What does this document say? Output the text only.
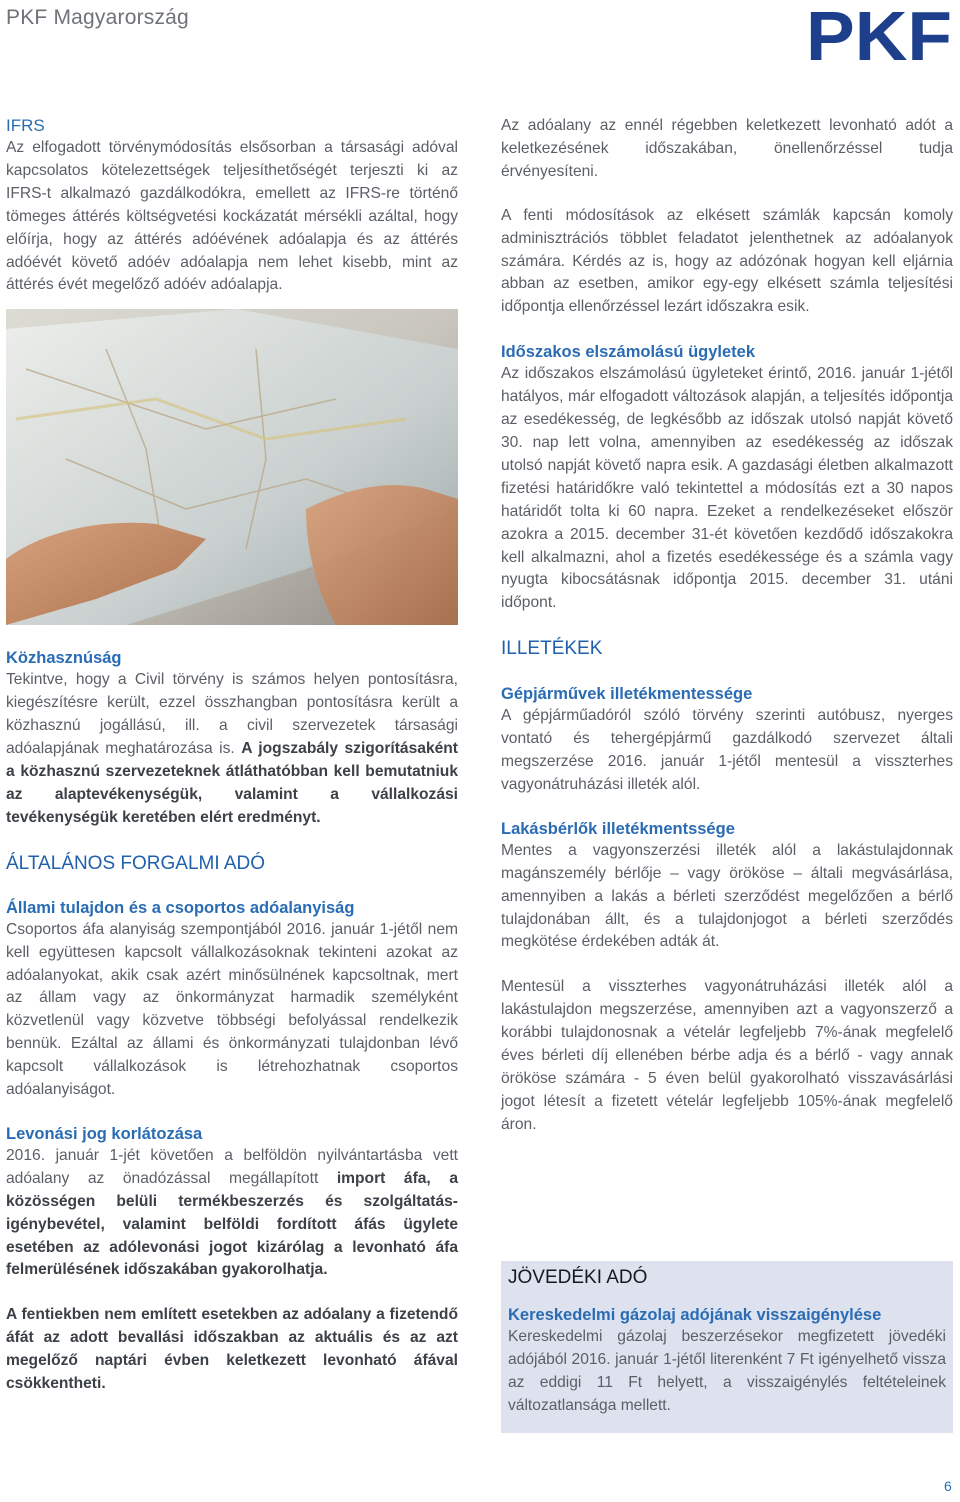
PKF Magyarország	PKF
IFRS

Az elfogadott törvénymódosítás elsősorban a társasági adóval kapcsolatos kötelezettségek teljesíthetőségét terjeszti ki az IFRS-t alkalmazó gazdálkodókra, emellett az IFRS-re történő tömeges áttérés költségvetési kockázatát mérsékli azáltal, hogy előírja, hogy az áttérés adóévének adóalapja és az áttérés adóévét követő adóév adóalapja nem lehet kisebb, mint az áttérés évét megelőző adóév adóalapja.

Közhasznúság

Tekintve, hogy a Civil törvény is számos helyen pontosításra, kiegészítésre került, ezzel összhangban pontosításra került a közhasznú jogállású, ill. a civil szervezetek társasági adóalapjának meghatározása is. A jogszabály szigorításaként a közhasznú szervezeteknek átláthatóbban kell bemutatniuk az alaptevékenységük, valamint a vállalkozási tevékenységük keretében elért eredményt.

ÁLTALÁNOS FORGALMI ADÓ
Állami tulajdon és a csoportos adóalanyiság

Csoportos áfa alanyiság szempontjából 2016. január 1-jétől nem kell együttesen kapcsolt vállalkozásoknak tekinteni azokat az adóalanyokat, akik csak azért minősülnének kapcsoltnak, mert az állam vagy az önkormányzat harmadik személyként közvetlenül vagy közvetve többségi befolyással rendelkezik bennük. Ezáltal az állami és önkormányzati tulajdonban lévő kapcsolt vállalkozások is létrehozhatnak csoportos adóalanyiságot.

Levonási jog korlátozása

2016. január 1-jét követően a belföldön nyilvántartásba vett adóalany az önadózással megállapított import áfa, a közösségen belüli termékbeszerzés és szolgáltatás-igénybevétel, valamint belföldi fordított áfás ügylete esetében az adólevonási jogot kizárólag a levonható áfa felmerülésének időszakában gyakorolhatja.

A fentiekben nem említett esetekben az adóalany a fizetendő áfát az adott bevallási időszakban az aktuális és az azt megelőző naptári évben keletkezett levonható áfával csökkentheti.

Az adóalany az ennél régebben keletkezett levonható adót a keletkezésének időszakában, önellenőrzéssel tudja érvényesíteni.

A fenti módosítások az elkésett számlák kapcsán komoly adminisztrációs többlet feladatot jelenthetnek az adóalanyok számára. Kérdés az is, hogy az adózónak hogyan kell eljárnia abban az esetben, amikor egy-egy elkésett számla teljesítési időpontja ellenőrzéssel lezárt időszakra esik.

Időszakos elszámolású ügyletek

Az időszakos elszámolású ügyleteket érintő, 2016. január 1-jétől hatályos, már elfogadott változások alapján, a teljesítés időpontja az esedékesség, de legkésőbb az időszak utolsó napját követő 30. nap lett volna, amennyiben az esedékesség az időszak utolsó napját követő napra esik. A gazdasági életben alkalmazott fizetési határidőkre való tekintettel a módosítás ezt a 30 napos határidőt tolta ki 60 napra. Ezeket a rendelkezéseket először azokra a 2015. december 31-ét követően kezdődő időszakokra kell alkalmazni, ahol a fizetés esedékessége és a számla vagy nyugta kibocsátásnak időpontja 2015. december 31. utáni időpont.

ILLETÉKEK
Gépjárművek illetékmentessége

A gépjárműadóról szóló törvény szerinti autóbusz, nyerges vontató és tehergépjármű gazdálkodó szervezet általi megszerzése 2016. január 1-jétől mentesül a visszterhes vagyonátruházási illeték alól.

Lakásbérlők illetékmentssége

Mentes a vagyonszerzési illeték alól a lakástulajdonnak magánszemély bérlője – vagy örököse – általi megvásárlása, amennyiben a lakás a bérleti szerződést megelőzően a bérlő tulajdonában állt, és a tulajdonjogot a bérleti szerződés megkötése érdekében adták át.

Mentesül a visszterhes vagyonátruházási illeték alól a lakástulajdon megszerzése, amennyiben azt a vagyonszerző a korábbi tulajdonosnak a vételár legfeljebb 7%-ának megfelelő éves bérleti díj ellenében bérbe adja és a bérlő - vagy annak örököse számára - 5 éven belül gyakorolható visszavásárlási jogot létesít a fizetett vételár legfeljebb 105%-ának megfelelő áron.

JÖVEDÉKI ADÓ
Kereskedelmi gázolaj adójának visszaigénylése

Kereskedelmi gázolaj beszerzésekor megfizetett jövedéki adójából 2016. január 1-jétől literenként 7 Ft igényelhető vissza az eddigi 11 Ft helyett, a visszaigénylés feltételeinek változatlansága mellett.

6
